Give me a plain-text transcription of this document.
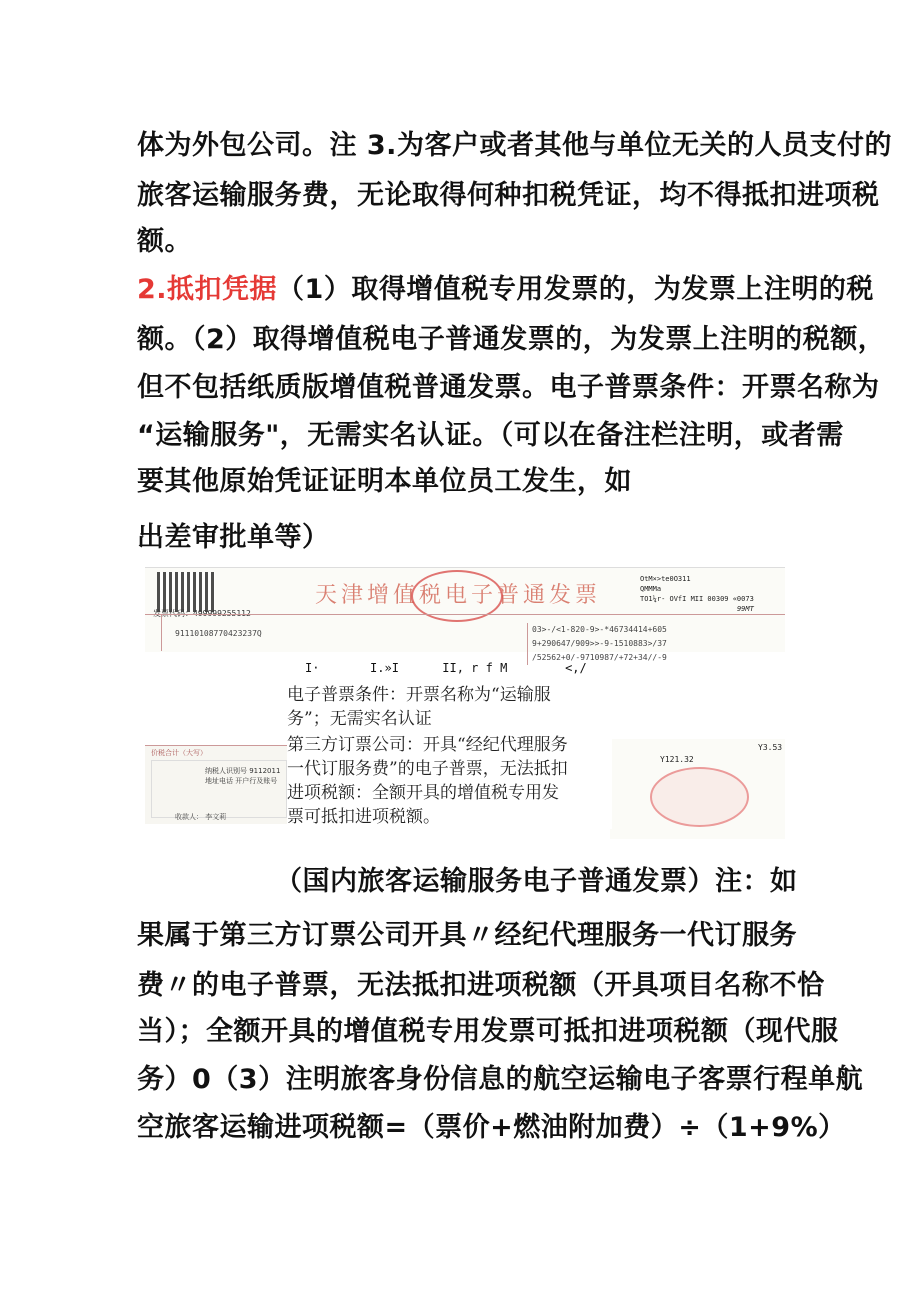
体为外包公司。注 3.为客户或者其他与单位无关的人员支付的
旅客运输服务费，无论取得何种扣税凭证，均不得抵扣进项税
额。
2.抵扣凭据（1）取得增值税专用发票的，为发票上注明的税
额。（2）取得增值税电子普通发票的，为发票上注明的税额，
但不包括纸质版增值税普通发票。电子普票条件：开票名称为
“运输服务"，无需实名认证。（可以在备注栏注明，或者需
要其他原始凭证证明本单位员工发生，如
出差审批单等）
发票代码：499999255112
天津增值税电子普通发票
OtM×>te0O311
QMMMa
TO1¼r- OVfI MII 00309 «0073
99MT
91110108770423237Q	03>-/<1-820-9>-*46734414+605
9+290647/909>>-9-1510883>/37
/52562+0/-9710987/+72+34//-9
I·       I.»I      II, r f M        <,/
价税合计（大写）
纳税人识别号 9112011 地址电话 开户行及账号
收款人： 李文莉
Y3.53
Y121.32

电子普票条件：开票名称为“运输服

务”；无需实名认证

第三方订票公司：开具“经纪代理服务

一代订服务费”的电子普票，无法抵扣

进项税额：全额开具的增值税专用发

票可抵扣进项税额。

（国内旅客运输服务电子普通发票）注：如
果属于第三方订票公司开具〃经纪代理服务一代订服务
费〃的电子普票，无法抵扣进项税额（开具项目名称不恰
当）；全额开具的增值税专用发票可抵扣进项税额（现代服
务）0（3）注明旅客身份信息的航空运输电子客票行程单航
空旅客运输进项税额=（票价+燃油附加费）÷（1+9%）
